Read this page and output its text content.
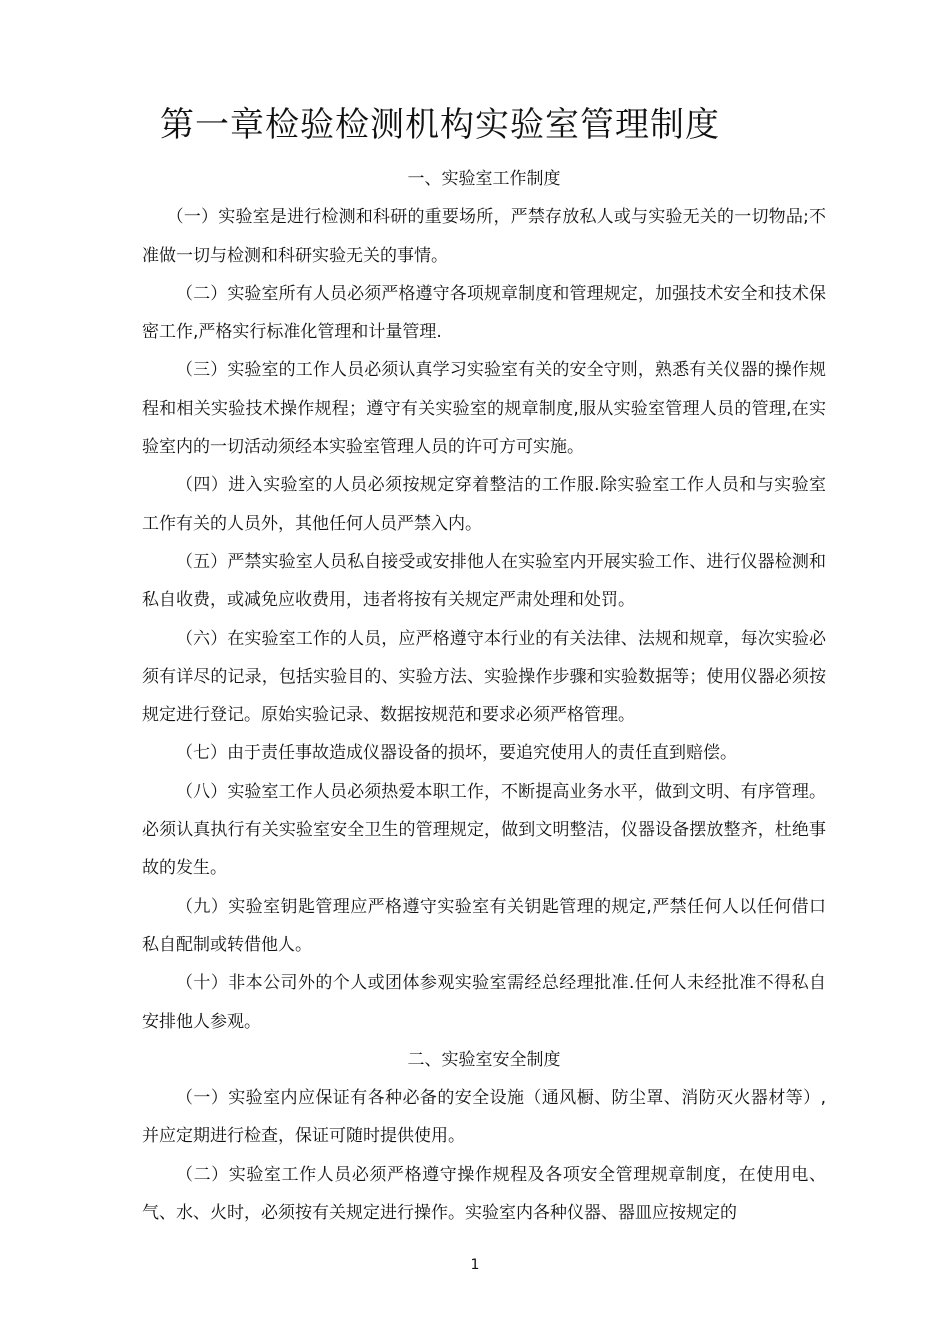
第一章检验检测机构实验室管理制度

一、实验室工作制度

（一）实验室是进行检测和科研的重要场所，严禁存放私人或与实验无关的一切物品;不准做一切与检测和科研实验无关的事情。

（二）实验室所有人员必须严格遵守各项规章制度和管理规定，加强技术安全和技术保密工作,严格实行标准化管理和计量管理.

（三）实验室的工作人员必须认真学习实验室有关的安全守则，熟悉有关仪器的操作规程和相关实验技术操作规程；遵守有关实验室的规章制度,服从实验室管理人员的管理,在实验室内的一切活动须经本实验室管理人员的许可方可实施。

（四）进入实验室的人员必须按规定穿着整洁的工作服.除实验室工作人员和与实验室工作有关的人员外，其他任何人员严禁入内。

（五）严禁实验室人员私自接受或安排他人在实验室内开展实验工作、进行仪器检测和私自收费，或减免应收费用，违者将按有关规定严肃处理和处罚。

（六）在实验室工作的人员，应严格遵守本行业的有关法律、法规和规章，每次实验必须有详尽的记录，包括实验目的、实验方法、实验操作步骤和实验数据等；使用仪器必须按规定进行登记。原始实验记录、数据按规范和要求必须严格管理。

（七）由于责任事故造成仪器设备的损坏，要追究使用人的责任直到赔偿。

（八）实验室工作人员必须热爱本职工作，不断提高业务水平，做到文明、有序管理。必须认真执行有关实验室安全卫生的管理规定，做到文明整洁，仪器设备摆放整齐，杜绝事故的发生。

（九）实验室钥匙管理应严格遵守实验室有关钥匙管理的规定,严禁任何人以任何借口私自配制或转借他人。

（十）非本公司外的个人或团体参观实验室需经总经理批准.任何人未经批准不得私自安排他人参观。

二、实验室安全制度

（一）实验室内应保证有各种必备的安全设施（通风橱、防尘罩、消防灭火器材等）,并应定期进行检查，保证可随时提供使用。

（二）实验室工作人员必须严格遵守操作规程及各项安全管理规章制度，在使用电、气、水、火时，必须按有关规定进行操作。实验室内各种仪器、器皿应按规定的

1
